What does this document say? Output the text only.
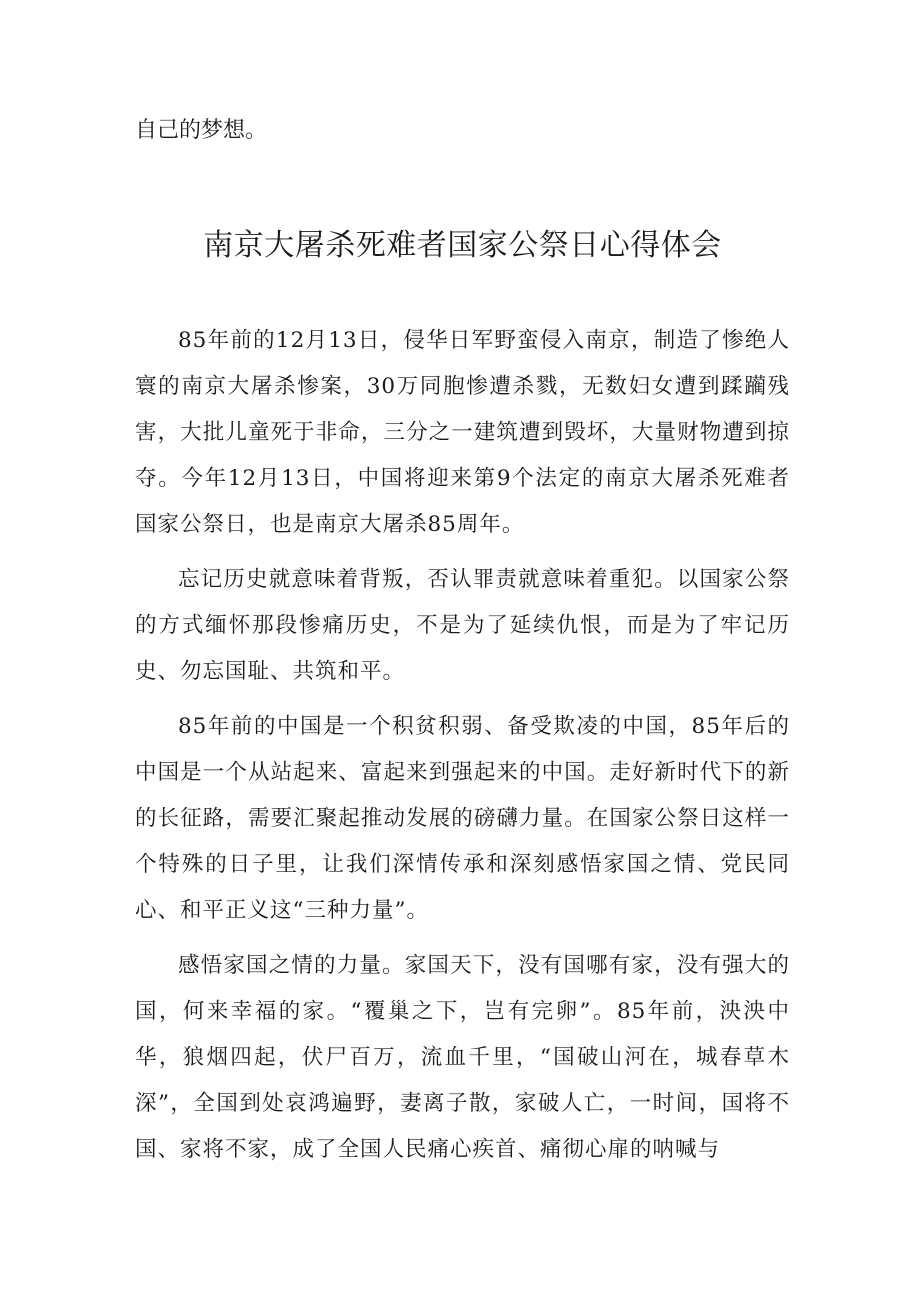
自己的梦想。

南京大屠杀死难者国家公祭日心得体会

85年前的12月13日，侵华日军野蛮侵入南京，制造了惨绝人寰的南京大屠杀惨案，30万同胞惨遭杀戮，无数妇女遭到蹂躏残害，大批儿童死于非命，三分之一建筑遭到毁坏，大量财物遭到掠夺。今年12月13日，中国将迎来第9个法定的南京大屠杀死难者国家公祭日，也是南京大屠杀85周年。

忘记历史就意味着背叛，否认罪责就意味着重犯。以国家公祭的方式缅怀那段惨痛历史，不是为了延续仇恨，而是为了牢记历史、勿忘国耻、共筑和平。

85年前的中国是一个积贫积弱、备受欺凌的中国，85年后的中国是一个从站起来、富起来到强起来的中国。走好新时代下的新的长征路，需要汇聚起推动发展的磅礴力量。在国家公祭日这样一个特殊的日子里，让我们深情传承和深刻感悟家国之情、党民同心、和平正义这“三种力量”。

感悟家国之情的力量。家国天下，没有国哪有家，没有强大的国，何来幸福的家。“覆巢之下，岂有完卵”。85年前，泱泱中华，狼烟四起，伏尸百万，流血千里，“国破山河在，城春草木深”，全国到处哀鸿遍野，妻离子散，家破人亡，一时间，国将不国、家将不家，成了全国人民痛心疾首、痛彻心扉的呐喊与
